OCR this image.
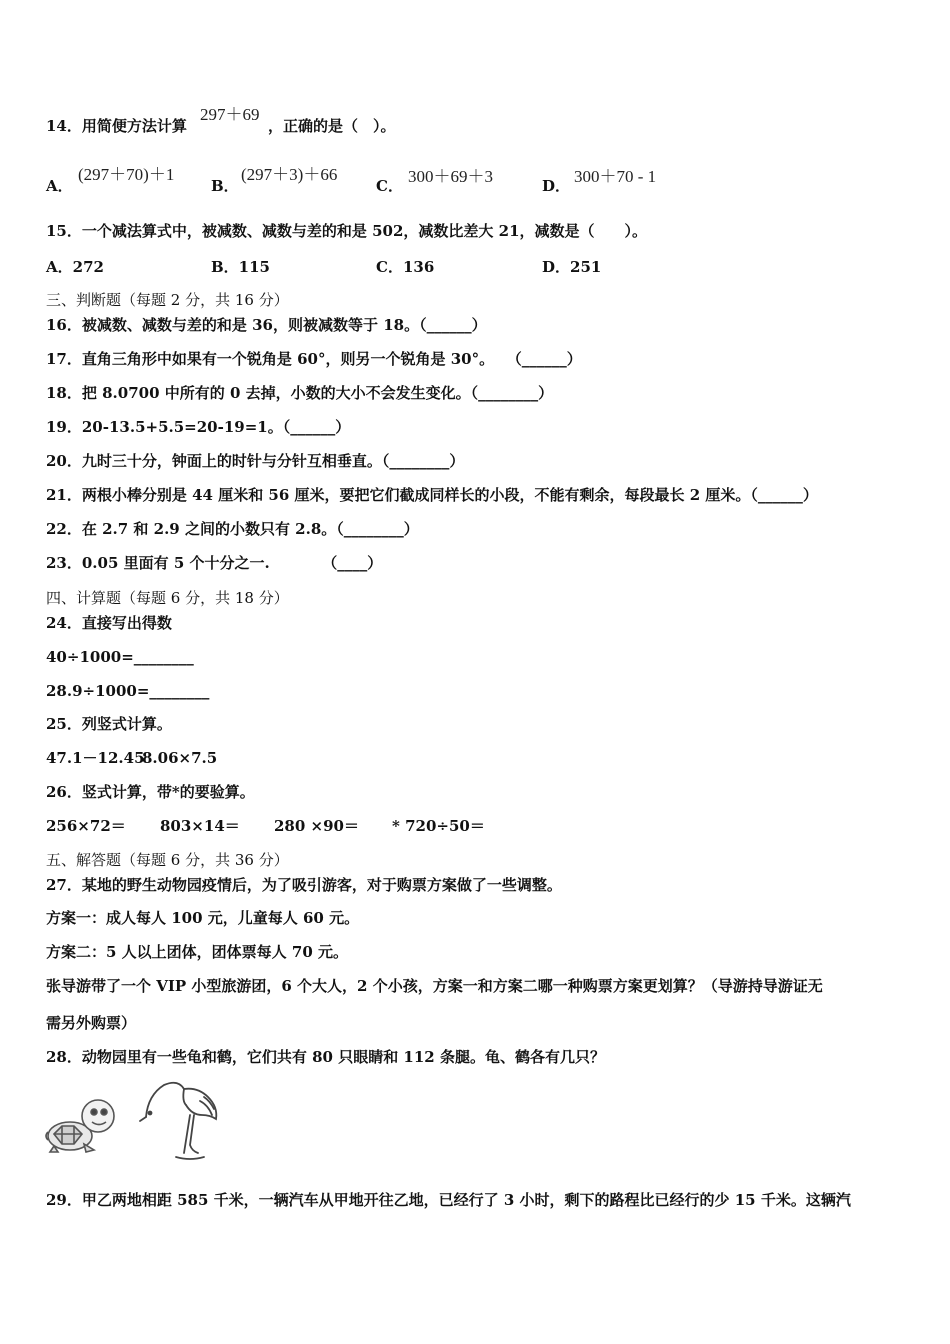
14．用简便方法计算
297＋69
，正确的是（　）。
A．
(297＋70)＋1
B．
(297＋3)＋66
C． 300＋69＋3	D． 300＋70 - 1
15．一个减法算式中，被减数、减数与差的和是 502，减数比差大 21，减数是（　　）。
A．272	B．115	C．136	D．251
三、判断题（每题 2 分，共 16 分）
16．被减数、减数与差的和是 36，则被减数等于 18。（______）
17．直角三角形中如果有一个锐角是 60°，则另一个锐角是 30°。　 （______）
18．把 8.0700 中所有的 0 去掉，小数的大小不会发生变化。（________）
19．20-13.5+5.5=20-19=1。（______）
20．九时三十分，钟面上的时针与分针互相垂直。（________）
21．两根小棒分别是 44 厘米和 56 厘米，要把它们截成同样长的小段，不能有剩余，每段最长 2 厘米。（______）
22．在 2.7 和 2.9 之间的小数只有 2.8。（________）
23．0.05 里面有 5 个十分之一.　　　　（____）
四、计算题（每题 6 分，共 18 分）
24．直接写出得数
40÷1000=________
28.9÷1000=________
25．列竖式计算。
47.1－12.45
8.06×7.5
26．竖式计算，带*的要验算。
256×72＝ 803×14＝ 280 ×90＝ * 720÷50＝
五、解答题（每题 6 分，共 36 分）
27．某地的野生动物园疫情后，为了吸引游客，对于购票方案做了一些调整。
方案一：成人每人 100 元，儿童每人 60 元。
方案二：5 人以上团体，团体票每人 70 元。
张导游带了一个 VIP 小型旅游团，6 个大人，2 个小孩，方案一和方案二哪一种购票方案更划算？（导游持导游证无
需另外购票）
28．动物园里有一些龟和鹤，它们共有 80 只眼睛和 112 条腿。龟、鹤各有几只？
29．甲乙两地相距 585 千米，一辆汽车从甲地开往乙地，已经行了 3 小时，剩下的路程比已经行的少 15 千米。这辆汽
